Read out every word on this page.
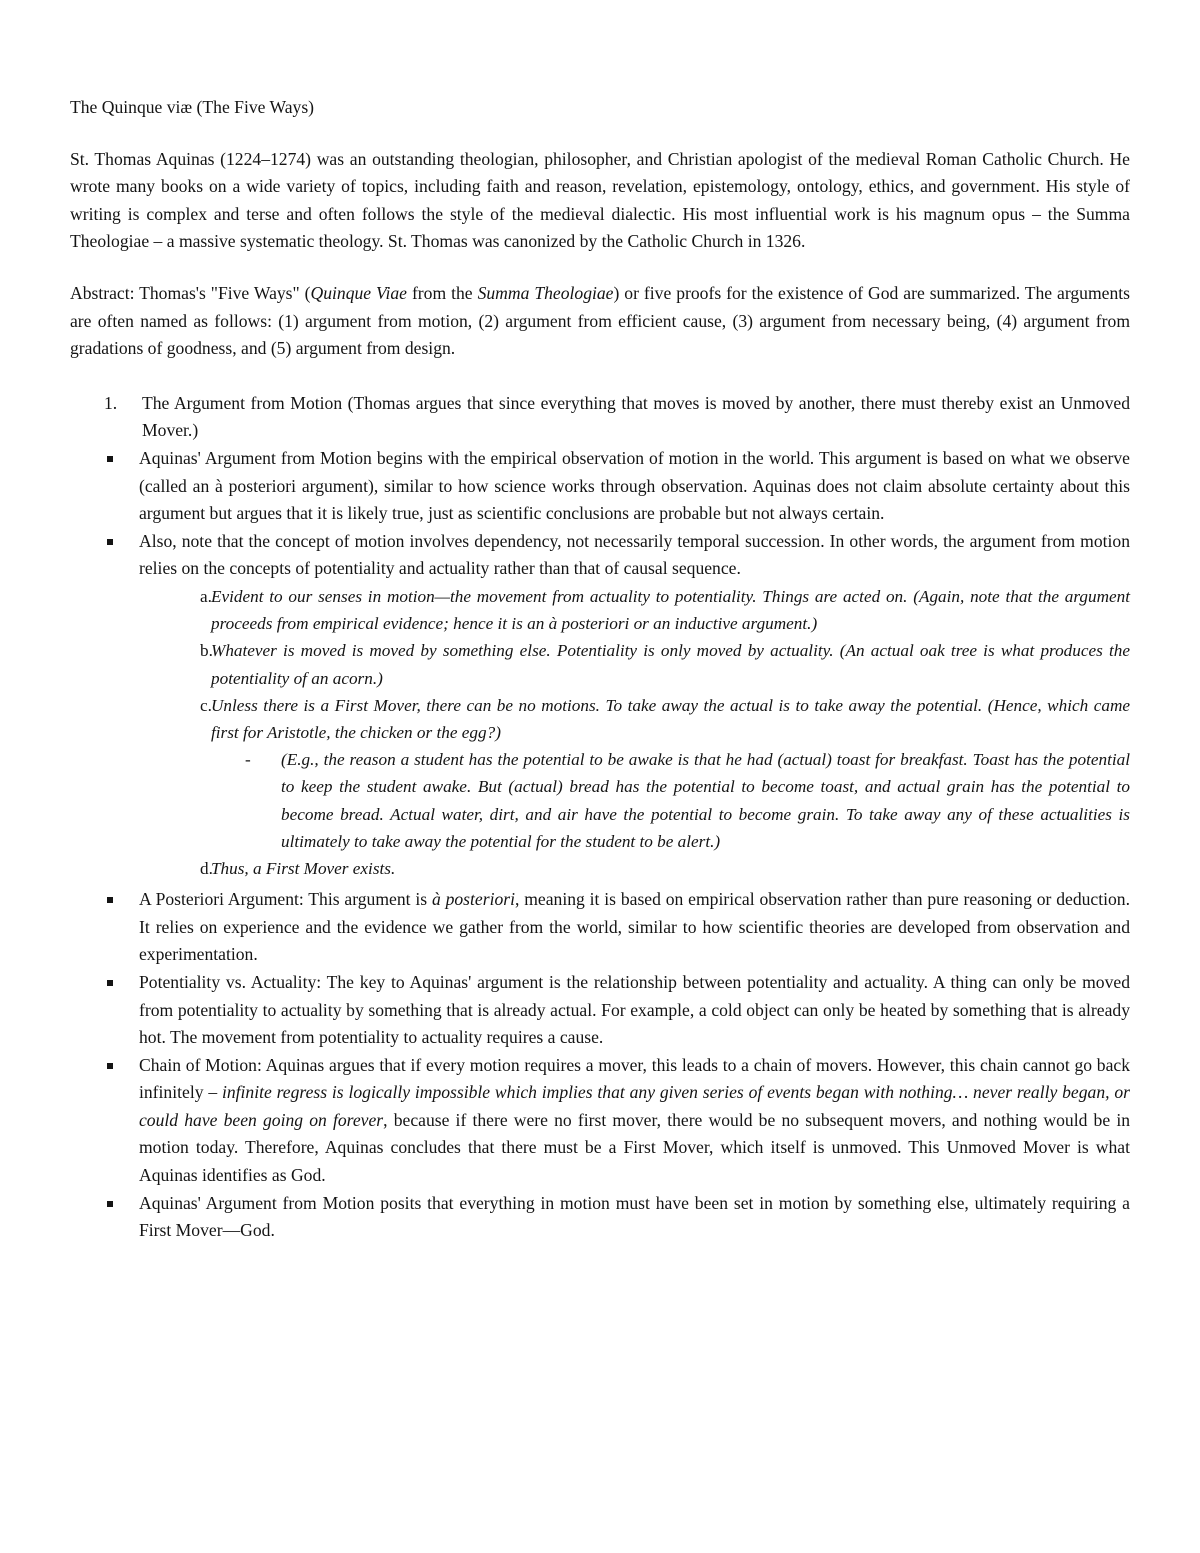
The Quinque viæ (The Five Ways)

St. Thomas Aquinas (1224–1274) was an outstanding theologian, philosopher, and Christian apologist of the medieval Roman Catholic Church. He wrote many books on a wide variety of topics, including faith and reason, revelation, epistemology, ontology, ethics, and government. His style of writing is complex and terse and often follows the style of the medieval dialectic. His most influential work is his magnum opus – the Summa Theologiae – a massive systematic theology. St. Thomas was canonized by the Catholic Church in 1326.

Abstract: Thomas's "Five Ways" (Quinque Viae from the Summa Theologiae) or five proofs for the existence of God are summarized. The arguments are often named as follows: (1) argument from motion, (2) argument from efficient cause, (3) argument from necessary being, (4) argument from gradations of goodness, and (5) argument from design.

1. The Argument from Motion (Thomas argues that since everything that moves is moved by another, there must thereby exist an Unmoved Mover.)
Aquinas' Argument from Motion begins with the empirical observation of motion in the world. This argument is based on what we observe (called an à posteriori argument), similar to how science works through observation. Aquinas does not claim absolute certainty about this argument but argues that it is likely true, just as scientific conclusions are probable but not always certain.
Also, note that the concept of motion involves dependency, not necessarily temporal succession. In other words, the argument from motion relies on the concepts of potentiality and actuality rather than that of causal sequence.
a. Evident to our senses in motion—the movement from actuality to potentiality. Things are acted on. (Again, note that the argument proceeds from empirical evidence; hence it is an à posteriori or an inductive argument.)
b.
Whatever is moved is moved by something else. Potentiality is only moved by actuality. (An actual oak tree is what produces the potentiality of an acorn.)
c. Unless there is a First Mover, there can be no motions. To take away the actual is to take away the potential. (Hence, which came first for Aristotle, the chicken or the egg?)
- (E.g., the reason a student has the potential to be awake is that he had (actual) toast for breakfast. Toast has the potential to keep the student awake. But (actual) bread has the potential to become toast, and actual grain has the potential to become bread. Actual water, dirt, and air have the potential to become grain. To take away any of these actualities is ultimately to take away the potential for the student to be alert.)
d.
Thus, a First Mover exists.
A Posteriori Argument: This argument is à posteriori, meaning it is based on empirical observation rather than pure reasoning or deduction. It relies on experience and the evidence we gather from the world, similar to how scientific theories are developed from observation and experimentation.
Potentiality vs. Actuality: The key to Aquinas' argument is the relationship between potentiality and actuality. A thing can only be moved from potentiality to actuality by something that is already actual. For example, a cold object can only be heated by something that is already hot. The movement from potentiality to actuality requires a cause.
Chain of Motion: Aquinas argues that if every motion requires a mover, this leads to a chain of movers. However, this chain cannot go back infinitely – infinite regress is logically impossible which implies that any given series of events began with nothing… never really began, or could have been going on forever, because if there were no first mover, there would be no subsequent movers, and nothing would be in motion today. Therefore, Aquinas concludes that there must be a First Mover, which itself is unmoved. This Unmoved Mover is what Aquinas identifies as God.
Aquinas' Argument from Motion posits that everything in motion must have been set in motion by something else, ultimately requiring a First Mover—God.
